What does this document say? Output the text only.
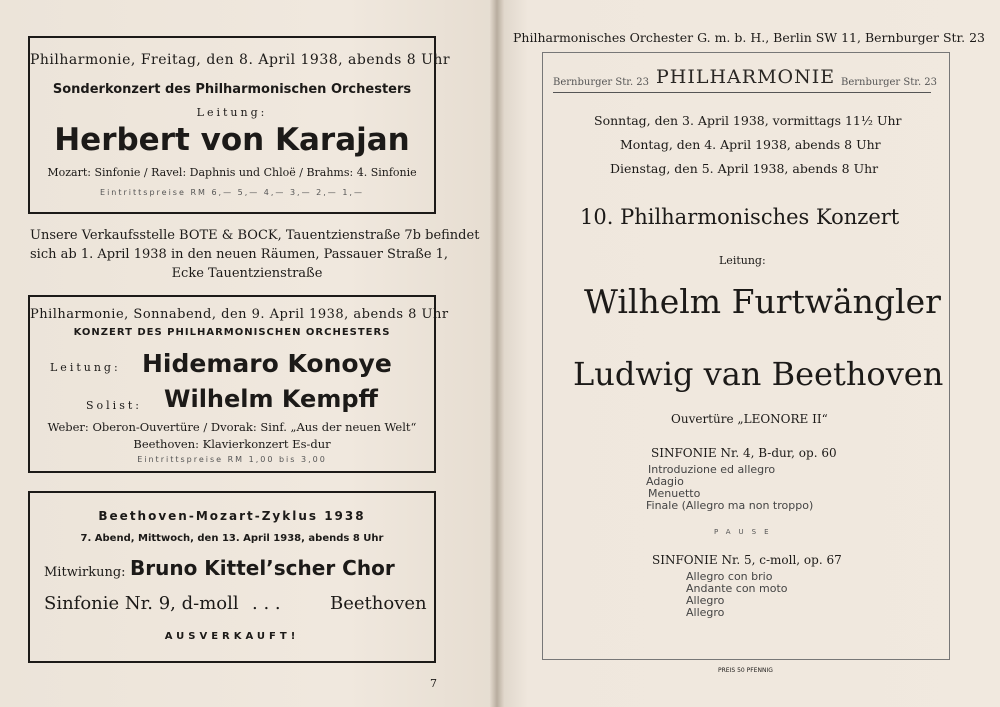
Philharmonie, Freitag, den 8. April 1938, abends 8 Uhr
Sonderkonzert des Philharmonischen Orchesters
Leitung:
Herbert von Karajan
Mozart: Sinfonie / Ravel: Daphnis und Chloë / Brahms: 4. Sinfonie
Eintrittspreise RM 6,— 5,— 4,— 3,— 2,— 1,—
Unsere Verkaufsstelle BOTE & BOCK, Tauentzienstraße 7b befindet
sich ab 1. April 1938 in den neuen Räumen, Passauer Straße 1,
Ecke Tauentzienstraße
Philharmonie, Sonnabend, den 9. April 1938, abends 8 Uhr
KONZERT DES PHILHARMONISCHEN ORCHESTERS
Leitung: Hidemaro Konoye
Solist: Wilhelm Kempff
Weber: Oberon-Ouvertüre / Dvorak: Sinf. „Aus der neuen Welt“
Beethoven: Klavierkonzert Es-dur
Eintrittspreise RM 1,00 bis 3,00
Beethoven-Mozart-Zyklus 1938
7. Abend, Mittwoch, den 13. April 1938, abends 8 Uhr
Mitwirkung: Bruno Kittel’scher Chor
Sinfonie Nr. 9, d-moll . . .	Beethoven
AUSVERKAUFT!
7
Philharmonisches Orchester G. m. b. H., Berlin SW 11, Bernburger Str. 23
Bernburger Str. 23 PHILHARMONIE Bernburger Str. 23
Sonntag, den 3. April 1938, vormittags 11½ Uhr
Montag, den 4. April 1938, abends 8 Uhr
Dienstag, den 5. April 1938, abends 8 Uhr
10. Philharmonisches Konzert
Leitung:
Wilhelm Furtwängler
Ludwig van Beethoven
Ouvertüre „LEONORE II“
SINFONIE Nr. 4, B-dur, op. 60
Introduzione ed allegro
Adagio
Menuetto
Finale (Allegro ma non troppo)
PAUSE
SINFONIE Nr. 5, c-moll, op. 67
Allegro con brio
Andante con moto
Allegro
Allegro
PREIS 50 PFENNIG
